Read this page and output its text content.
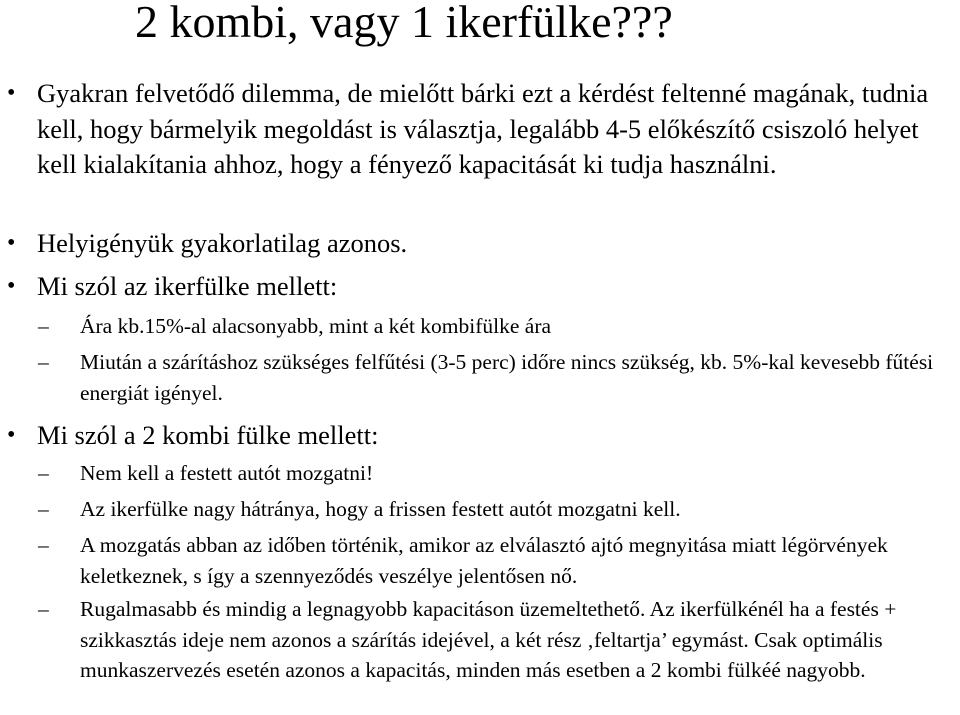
2 kombi, vagy 1 ikerfülke???

• Gyakran felvetődő dilemma, de mielőtt bárki ezt a kérdést feltenné magának, tudnia kell, hogy bármelyik megoldást is választja, legalább 4-5 előkészítő csiszoló helyet kell kialakítania ahhoz, hogy a fényező kapacitását ki tudja használni.

• Helyigényük gyakorlatilag azonos.

• Mi szól az ikerfülke mellett:

– Ára kb.15%-al alacsonyabb, mint a két kombifülke ára

– Miután a szárításhoz szükséges felfűtési (3-5 perc) időre nincs szükség, kb. 5%-kal kevesebb fűtési energiát igényel.

• Mi szól a 2 kombi fülke mellett:

– Nem kell a festett autót mozgatni!

– Az ikerfülke nagy hátránya, hogy a frissen festett autót mozgatni kell.

– A mozgatás abban az időben történik, amikor az elválasztó ajtó megnyitása miatt légörvények keletkeznek, s így a szennyeződés veszélye jelentősen nő.

– Rugalmasabb és mindig a legnagyobb kapacitáson üzemeltethető. Az ikerfülkénél ha a festés + szikkasztás ideje nem azonos a szárítás idejével, a két rész ‚feltartja’ egymást. Csak optimális munkaszervezés esetén azonos a kapacitás, minden más esetben a 2 kombi fülkéé nagyobb.
